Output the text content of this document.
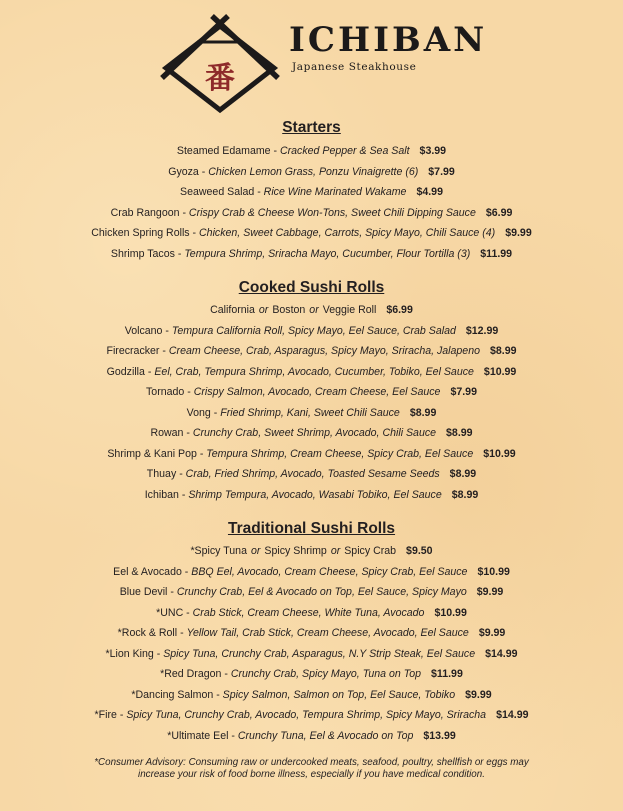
番
ICHIBAN
Japanese Steakhouse
Starters
Steamed Edamame - Cracked Pepper & Sea Salt $3.99
Gyoza - Chicken Lemon Grass, Ponzu Vinaigrette (6) $7.99
Seaweed Salad - Rice Wine Marinated Wakame $4.99
Crab Rangoon - Crispy Crab & Cheese Won-Tons, Sweet Chili Dipping Sauce $6.99
Chicken Spring Rolls - Chicken, Sweet Cabbage, Carrots, Spicy Mayo, Chili Sauce (4) $9.99
Shrimp Tacos - Tempura Shrimp, Sriracha Mayo, Cucumber, Flour Tortilla (3) $11.99
Cooked Sushi Rolls
California or Boston or Veggie Roll $6.99
Volcano - Tempura California Roll, Spicy Mayo, Eel Sauce, Crab Salad $12.99
Firecracker - Cream Cheese, Crab, Asparagus, Spicy Mayo, Sriracha, Jalapeno $8.99
Godzilla - Eel, Crab, Tempura Shrimp, Avocado, Cucumber, Tobiko, Eel Sauce $10.99
Tornado - Crispy Salmon, Avocado, Cream Cheese, Eel Sauce $7.99
Vong - Fried Shrimp, Kani, Sweet Chili Sauce $8.99
Rowan - Crunchy Crab, Sweet Shrimp, Avocado, Chili Sauce $8.99
Shrimp & Kani Pop - Tempura Shrimp, Cream Cheese, Spicy Crab, Eel Sauce $10.99
Thuay - Crab, Fried Shrimp, Avocado, Toasted Sesame Seeds $8.99
Ichiban - Shrimp Tempura, Avocado, Wasabi Tobiko, Eel Sauce $8.99
Traditional Sushi Rolls
*Spicy Tuna or Spicy Shrimp or Spicy Crab $9.50
Eel & Avocado - BBQ Eel, Avocado, Cream Cheese, Spicy Crab, Eel Sauce $10.99
Blue Devil - Crunchy Crab, Eel & Avocado on Top, Eel Sauce, Spicy Mayo $9.99
*UNC - Crab Stick, Cream Cheese, White Tuna, Avocado $10.99
*Rock & Roll - Yellow Tail, Crab Stick, Cream Cheese, Avocado, Eel Sauce $9.99
*Lion King - Spicy Tuna, Crunchy Crab, Asparagus, N.Y Strip Steak, Eel Sauce $14.99
*Red Dragon - Crunchy Crab, Spicy Mayo, Tuna on Top $11.99
*Dancing Salmon - Spicy Salmon, Salmon on Top, Eel Sauce, Tobiko $9.99
*Fire - Spicy Tuna, Crunchy Crab, Avocado, Tempura Shrimp, Spicy Mayo, Sriracha $14.99
*Ultimate Eel - Crunchy Tuna, Eel & Avocado on Top $13.99
*Consumer Advisory: Consuming raw or undercooked meats, seafood, poultry, shellfish or eggs may
increase your risk of food borne illness, especially if you have medical condition.
